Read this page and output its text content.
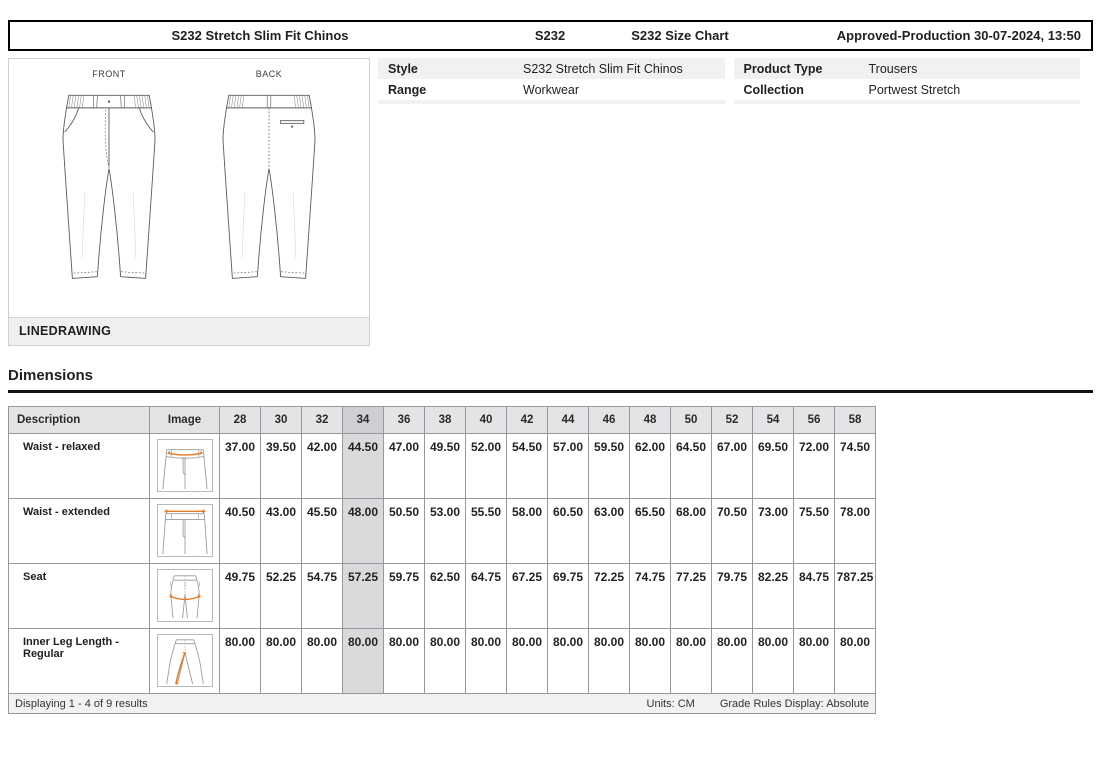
S232 Stretch Slim Fit Chinos	S232	S232 Size Chart	Approved-Production 30-07-2024, 13:50
FRONT	BACK
LINEDRAWING
Style	S232 Stretch Slim Fit Chinos
Range	Workwear
Product Type	Trousers
Collection	Portwest Stretch
Dimensions
Description	Image	28	30	32	34	36	38	40	42	44	46	48	50	52	54	56	58
Waist - relaxed	37.00 39.50 42.00 44.50 47.00 49.50 52.00 54.50 57.00 59.50 62.00 64.50 67.00 69.50 72.00 74.50
Waist - extended	40.50 43.00 45.50 48.00 50.50 53.00 55.50 58.00 60.50 63.00 65.50 68.00 70.50 73.00 75.50 78.00
Seat	49.75 52.25 54.75 57.25 59.75 62.50 64.75 67.25 69.75 72.25 74.75 77.25 79.75 82.25 84.75 787.25
Inner Leg Length - Regular
80.00 80.00 80.00 80.00 80.00 80.00 80.00 80.00 80.00 80.00 80.00 80.00 80.00 80.00 80.00 80.00
Displaying 1 - 4 of 9 results	Units: CM Grade Rules Display: Absolute
